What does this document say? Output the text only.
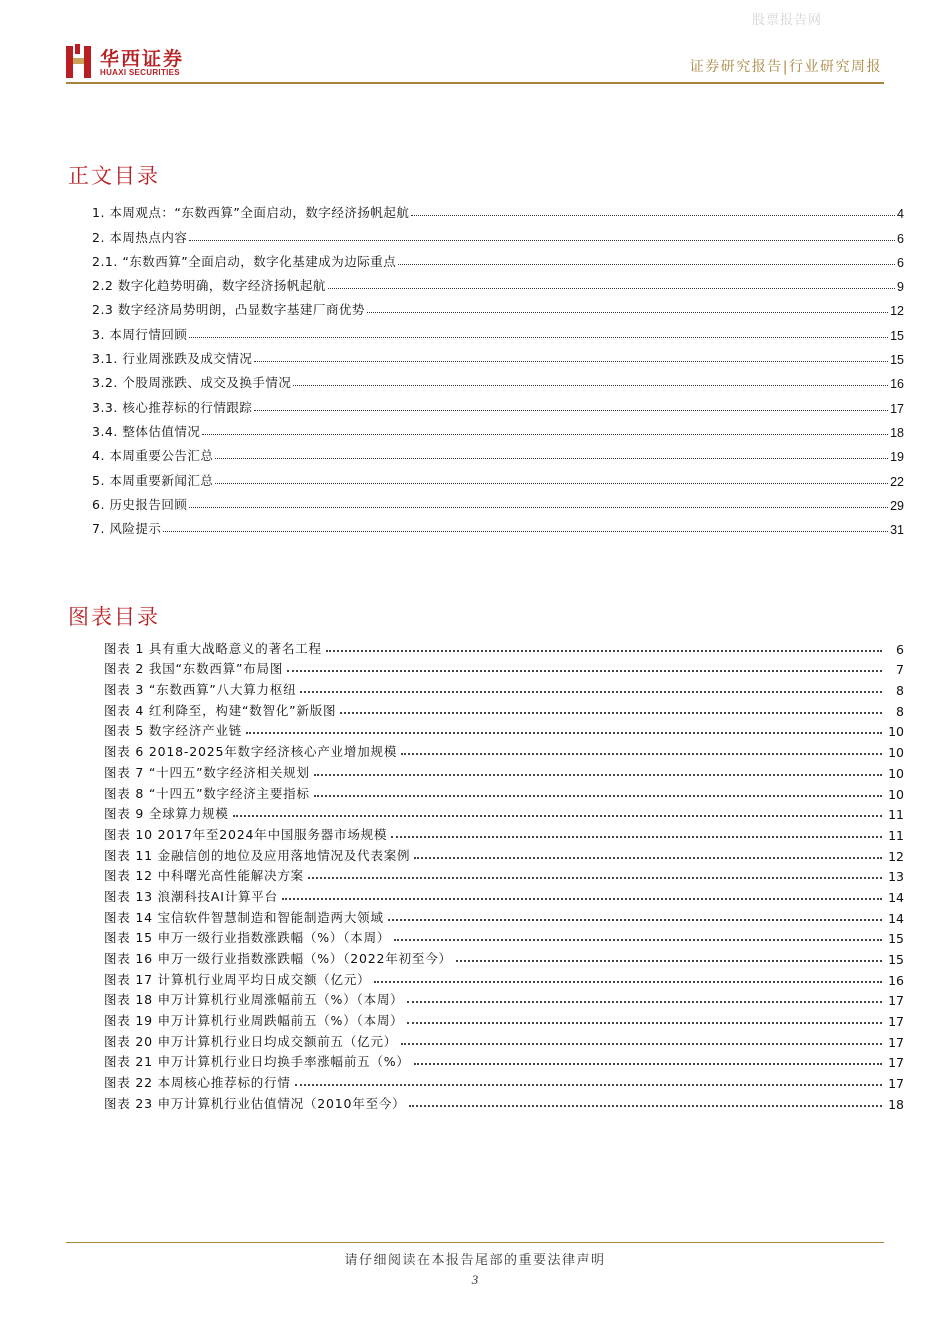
股票报告网
华西证券
HUAXI SECURITIES	证券研究报告|行业研究周报
正文目录
1. 本周观点：“东数西算”全面启动，数字经济扬帆起航	4
2. 本周热点内容	6
2.1. “东数西算”全面启动，数字化基建成为边际重点	6
2.2 数字化趋势明确，数字经济扬帆起航	9
2.3 数字经济局势明朗，凸显数字基建厂商优势	12
3. 本周行情回顾	15
3.1. 行业周涨跌及成交情况	15
3.2. 个股周涨跌、成交及换手情况	16
3.3. 核心推荐标的行情跟踪	17
3.4. 整体估值情况	18
4. 本周重要公告汇总	19
5. 本周重要新闻汇总	22
6. 历史报告回顾	29
7. 风险提示	31
图表目录
图表 1 具有重大战略意义的著名工程	6
图表 2 我国“东数西算”布局图	7
图表 3 “东数西算”八大算力枢纽	8
图表 4 红利降至，构建“数智化”新版图	8
图表 5 数字经济产业链	10
图表 6 2018-2025年数字经济核心产业增加规模	10
图表 7 “十四五”数字经济相关规划	10
图表 8 “十四五”数字经济主要指标	10
图表 9 全球算力规模	11
图表 10 2017年至2024年中国服务器市场规模	11
图表 11 金融信创的地位及应用落地情况及代表案例	12
图表 12 中科曙光高性能解决方案	13
图表 13 浪潮科技AI计算平台	14
图表 14 宝信软件智慧制造和智能制造两大领域	14
图表 15 申万一级行业指数涨跌幅（%）（本周）	15
图表 16 申万一级行业指数涨跌幅（%）（2022年初至今）	15
图表 17 计算机行业周平均日成交额（亿元）	16
图表 18 申万计算机行业周涨幅前五（%）（本周）	17
图表 19 申万计算机行业周跌幅前五（%）（本周）	17
图表 20 申万计算机行业日均成交额前五（亿元）	17
图表 21 申万计算机行业日均换手率涨幅前五（%）	17
图表 22 本周核心推荐标的行情	17
图表 23 申万计算机行业估值情况（2010年至今）	18
请仔细阅读在本报告尾部的重要法律声明
3
